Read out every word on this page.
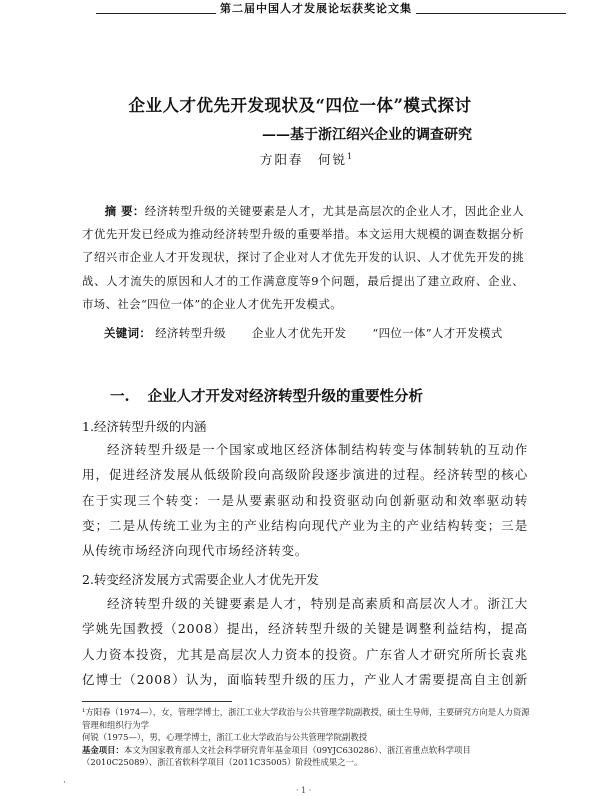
第二届中国人才发展论坛获奖论文集
企业人才优先开发现状及“四位一体”模式探讨
——基于浙江绍兴企业的调查研究
方阳春　何锐$^1$
摘 要：经济转型升级的关键要素是人才，尤其是高层次的企业人才，因此企业人才优先开发已经成为推动经济转型升级的重要举措。本文运用大规模的调查数据分析了绍兴市企业人才开发现状，探讨了企业对人才优先开发的认识、人才优先开发的挑战、人才流失的原因和人才的工作满意度等9个问题，最后提出了建立政府、企业、市场、社会“四位一体”的企业人才优先开发模式。
关键词： 经济转型升级 企业人才优先开发 “四位一体”人才开发模式
一. 企业人才开发对经济转型升级的重要性分析
1.经济转型升级的内涵
经济转型升级是一个国家或地区经济体制结构转变与体制转轨的互动作用，促进经济发展从低级阶段向高级阶段逐步演进的过程。经济转型的核心在于实现三个转变：一是从要素驱动和投资驱动向创新驱动和效率驱动转变；二是从传统工业为主的产业结构向现代产业为主的产业结构转变；三是从传统市场经济向现代市场经济转变。
2.转变经济发展方式需要企业人才优先开发
经济转型升级的关键要素是人才，特别是高素质和高层次人才。浙江大学姚先国教授（2008）提出，经济转型升级的关键是调整利益结构，提高人力资本投资，尤其是高层次人力资本的投资。广东省人才研究所所长袁兆亿博士（2008）认为，面临转型升级的压力，产业人才需要提高自主创新
¹方阳春（1974—），女，管理学博士，浙江工业大学政治与公共管理学院副教授，硕士生导师，主要研究方向是人力资源管理和组织行为学
何锐（1975—），男，心理学博士，浙江工业大学政治与公共管理学院副教授
基金项目：本文为国家教育部人文社会科学研究青年基金项目（09YJC630286）、浙江省重点软科学项目（2010C25089）、浙江省软科学项目（2011C35005）阶段性成果之一。
·
· 1 ·
